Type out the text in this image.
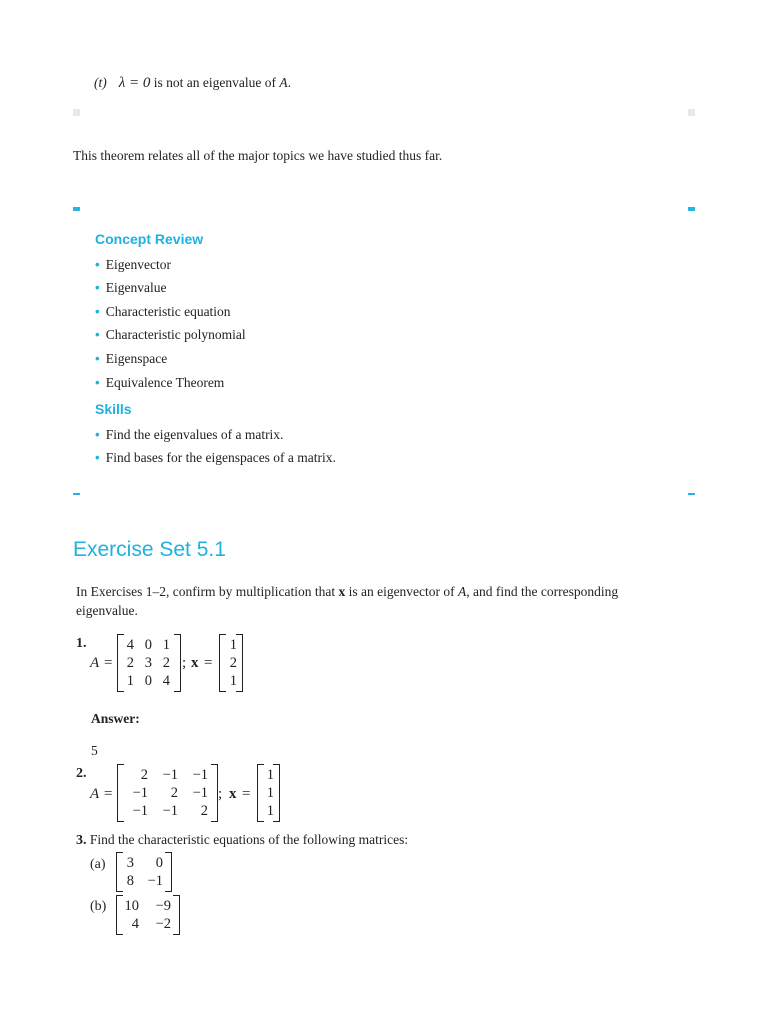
(t) λ = 0 is not an eigenvalue of A.
This theorem relates all of the major topics we have studied thus far.
Concept Review
• Eigenvector
• Eigenvalue
• Characteristic equation
• Characteristic polynomial
• Eigenspace
• Equivalence Theorem
Skills
• Find the eigenvalues of a matrix.
• Find bases for the eigenspaces of a matrix.
Exercise Set 5.1
In Exercises 1–2, confirm by multiplication that x is an eigenvector of A, and find the corresponding eigenvalue.
1.
A =
4 0 1
2 3 2
1 0 4
; x =
1
2
1
Answer:
5
2.
A =
2	−1	−1
−1	2	−1
−1	−1	2
; x =
1
1
1
3. Find the characteristic equations of the following matrices:
(a)	3	0
8 −1
(b)	10	−9
4	−2
